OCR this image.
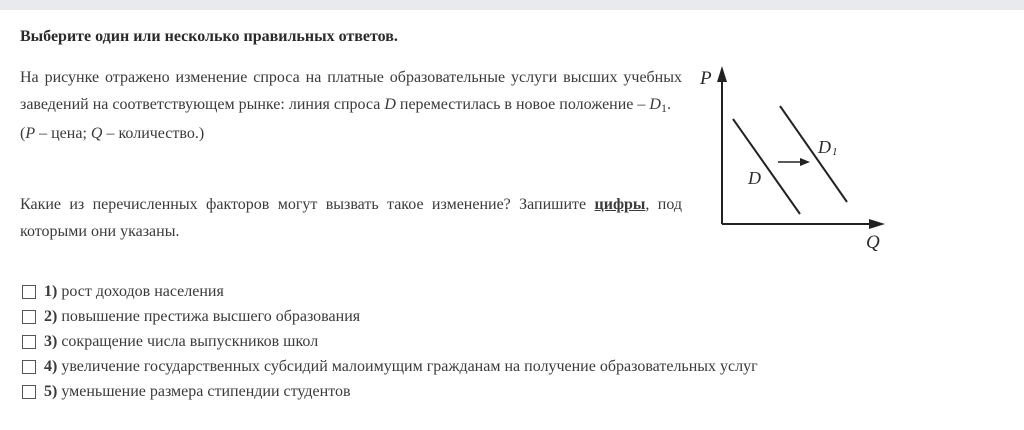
Выберите один или несколько правильных ответов.
На рисунке отражено изменение спроса на платные образовательные услуги высших учебных заведений на соответствующем рынке: линия спроса D переместилась в новое положение – $D_1$.
(P – цена; Q – количество.)
Какие из перечисленных факторов могут вызвать такое изменение? Запишите цифры, под которыми они указаны.
P
Q
D
D 1
1) рост доходов населения
2) повышение престижа высшего образования
3) сокращение числа выпускников школ
4) увеличение государственных субсидий малоимущим гражданам на получение образовательных услуг
5) уменьшение размера стипендии студентов
